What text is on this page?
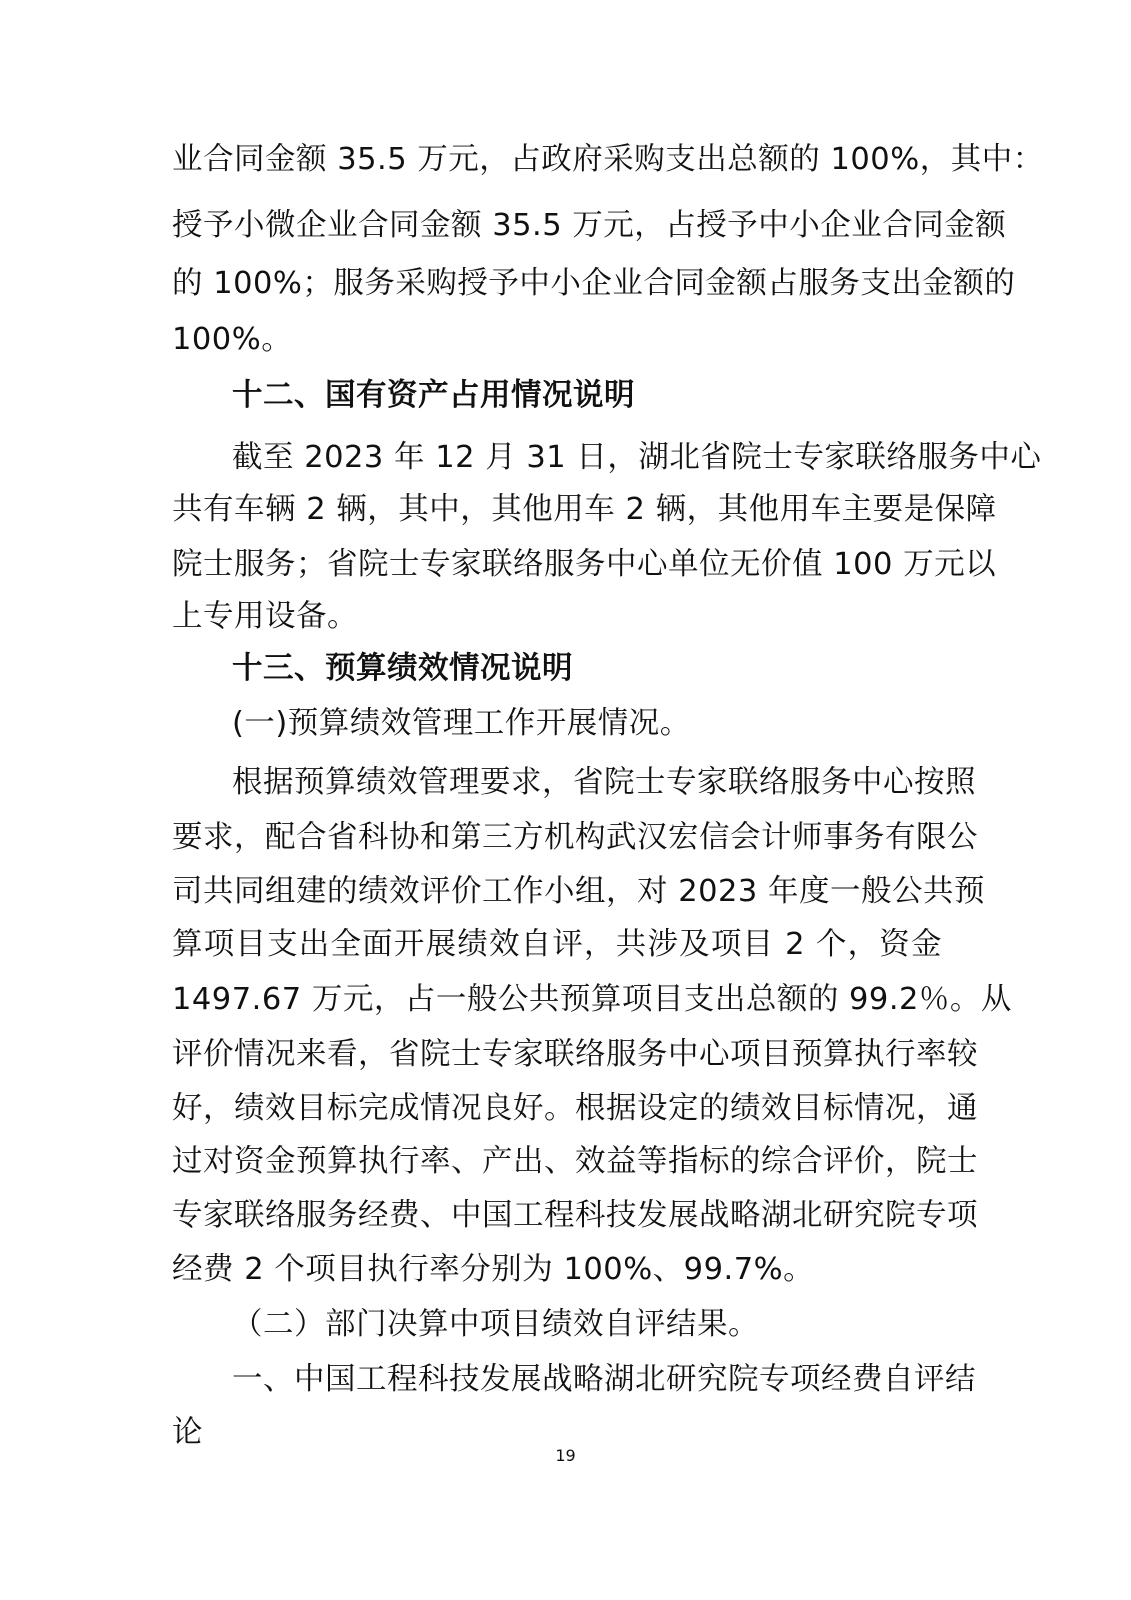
业合同金额 35.5 万元，占政府采购支出总额的 100%，其中：
授予小微企业合同金额 35.5 万元，占授予中小企业合同金额
的 100%；服务采购授予中小企业合同金额占服务支出金额的
100%。
十二、国有资产占用情况说明
截至 2023 年 12 月 31 日，湖北省院士专家联络服务中心
共有车辆 2 辆，其中，其他用车 2 辆，其他用车主要是保障
院士服务；省院士专家联络服务中心单位无价值 100 万元以
上专用设备。
十三、预算绩效情况说明
(一)预算绩效管理工作开展情况。
根据预算绩效管理要求，省院士专家联络服务中心按照
要求，配合省科协和第三方机构武汉宏信会计师事务有限公
司共同组建的绩效评价工作小组，对 2023 年度一般公共预
算项目支出全面开展绩效自评，共涉及项目 2 个，资金
1497.67 万元，占一般公共预算项目支出总额的 99.2％。从
评价情况来看，省院士专家联络服务中心项目预算执行率较
好，绩效目标完成情况良好。根据设定的绩效目标情况，通
过对资金预算执行率、产出、效益等指标的综合评价，院士
专家联络服务经费、中国工程科技发展战略湖北研究院专项
经费 2 个项目执行率分别为 100%、99.7%。
（二）部门决算中项目绩效自评结果。
一、中国工程科技发展战略湖北研究院专项经费自评结
论
19
